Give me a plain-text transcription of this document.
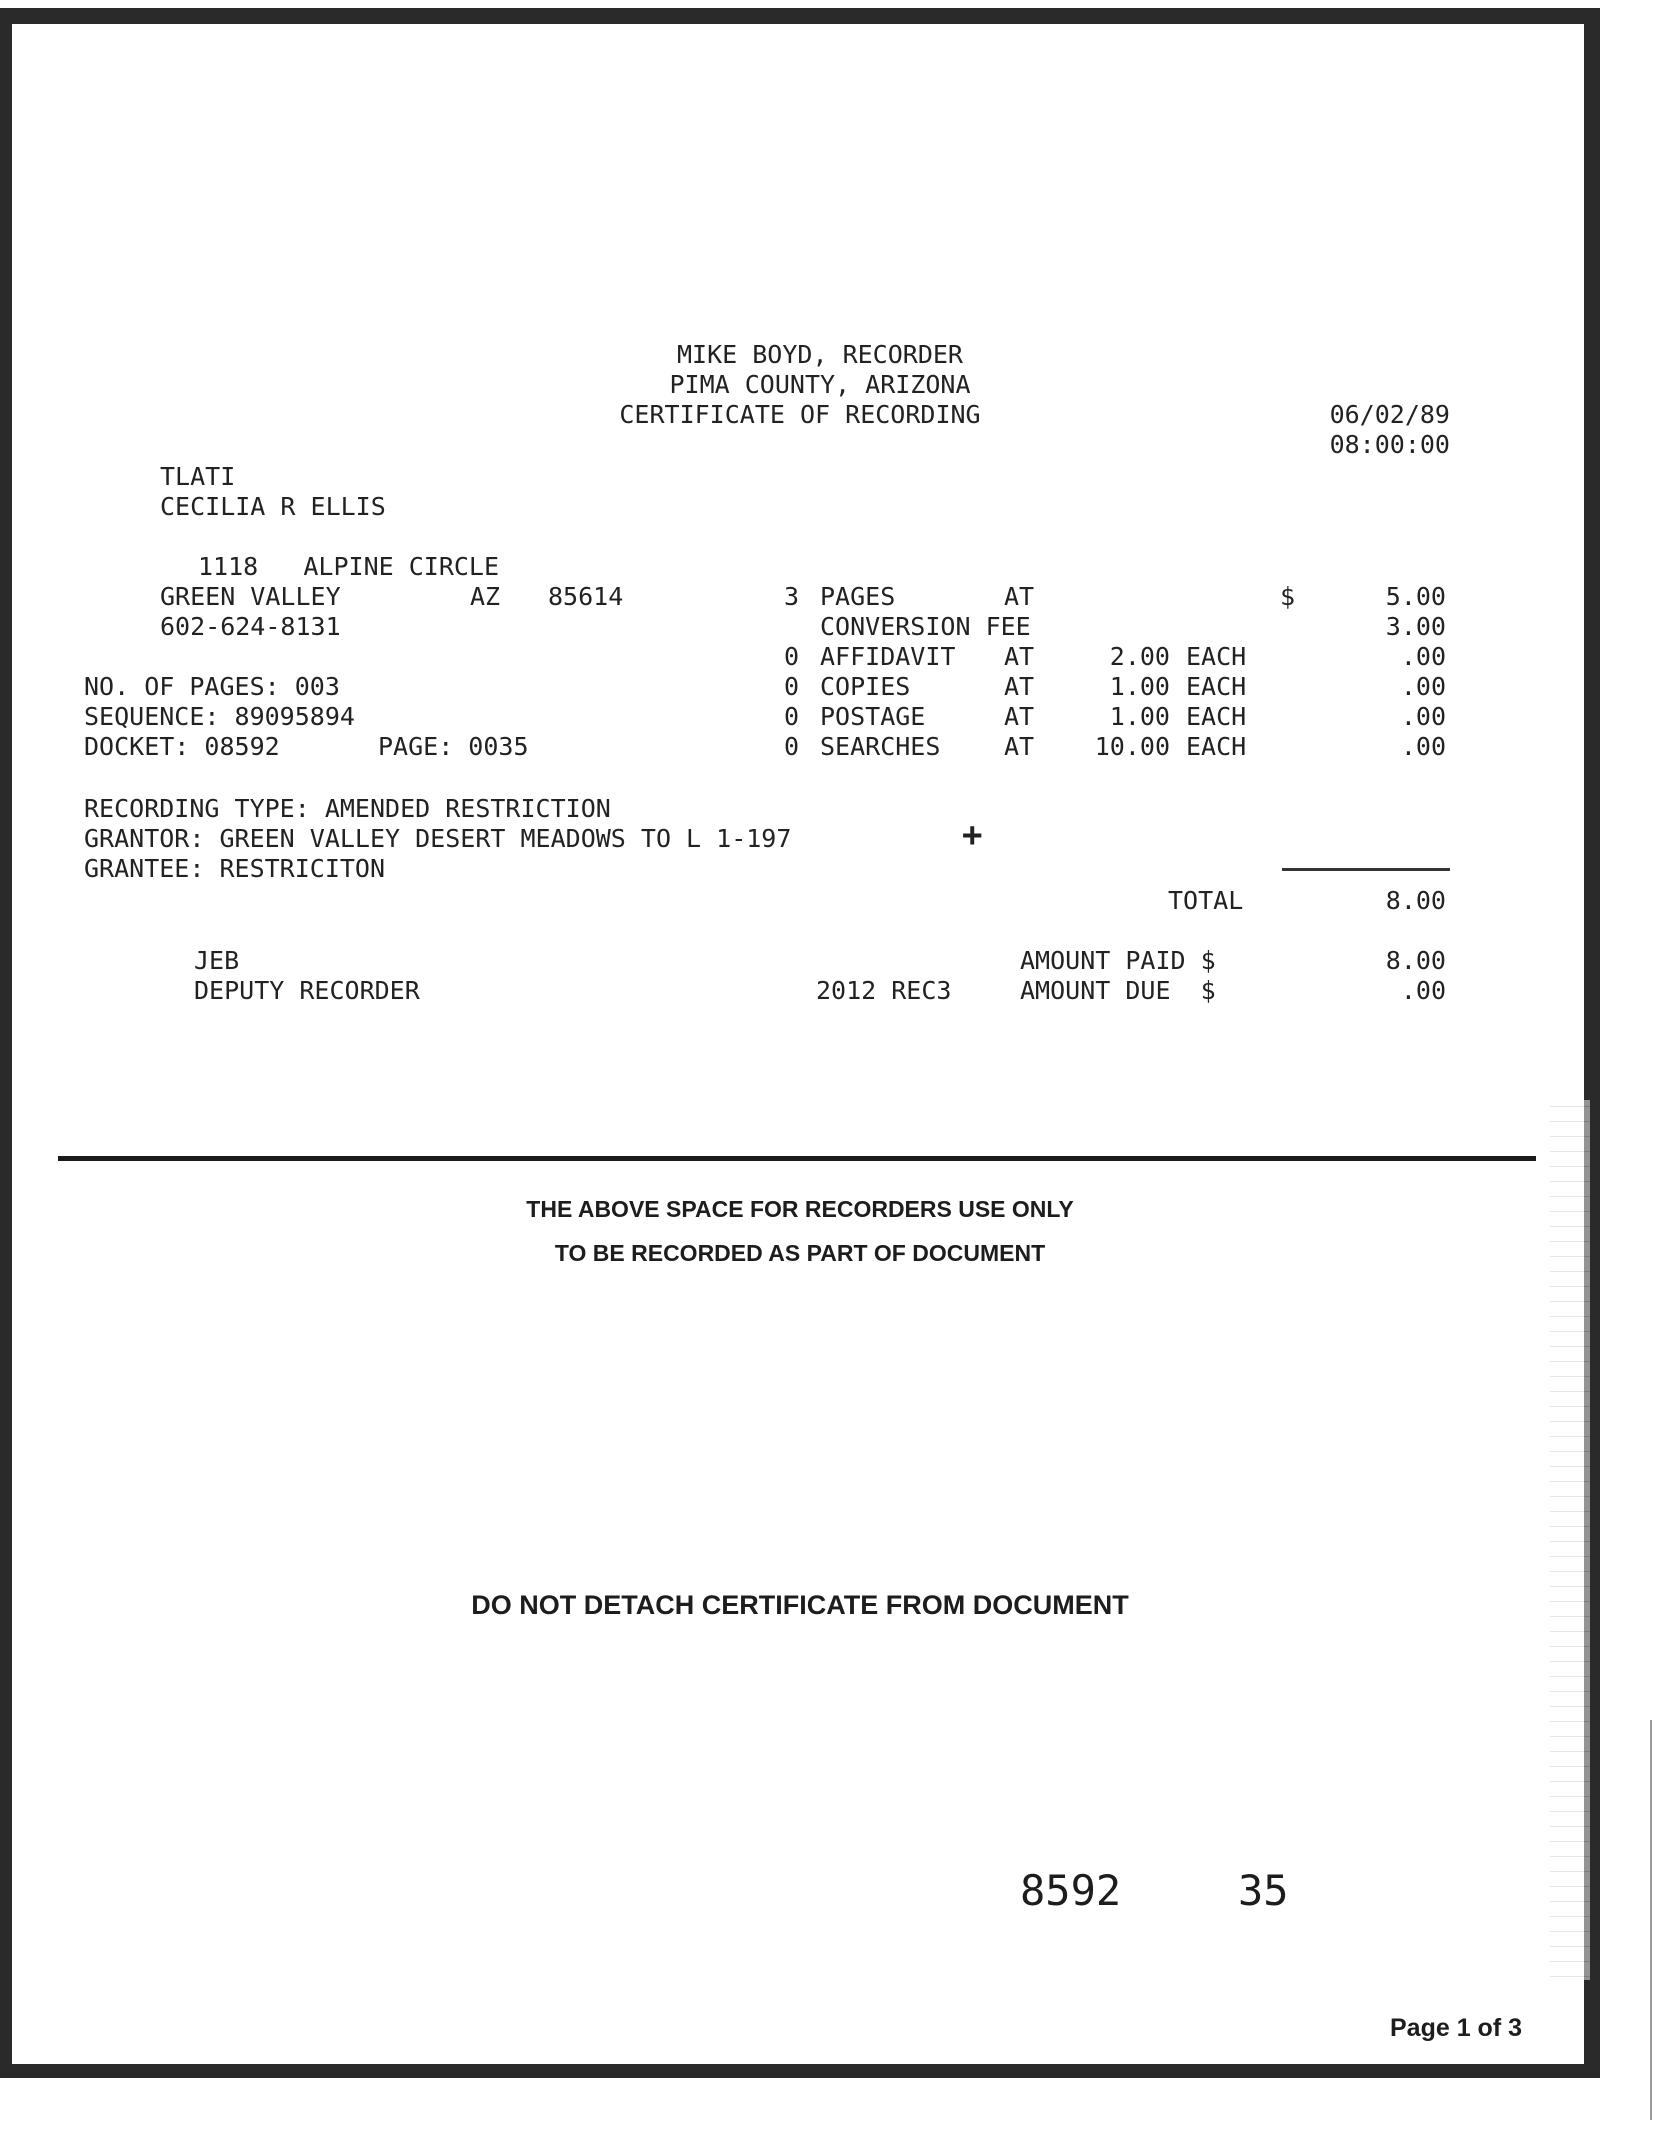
MIKE BOYD, RECORDER
PIMA COUNTY, ARIZONA
CERTIFICATE OF RECORDING	06/02/89
08:00:00
TLATI
CECILIA R ELLIS
1118   ALPINE CIRCLE
GREEN VALLEY	AZ 85614
602-624-8131
NO. OF PAGES: 003
SEQUENCE: 89095894
DOCKET: 08592	PAGE: 0035
3 PAGES	AT	$	5.00
CONVERSION FEE	3.00
0 AFFIDAVIT AT	2.00 EACH	.00
0 COPIES	AT	1.00 EACH	.00
0 POSTAGE	AT	1.00 EACH	.00
0 SEARCHES	AT	10.00 EACH	.00
RECORDING TYPE: AMENDED RESTRICTION
GRANTOR: GREEN VALLEY DESERT MEADOWS TO L 1-197	+
GRANTEE: RESTRICITON
TOTAL	8.00
JEB	AMOUNT PAID $	8.00
DEPUTY RECORDER	2012 REC3	AMOUNT DUE  $	.00
THE ABOVE SPACE FOR RECORDERS USE ONLY
TO BE RECORDED AS PART OF DOCUMENT
DO NOT DETACH CERTIFICATE FROM DOCUMENT
8592	35
Page 1 of 3
